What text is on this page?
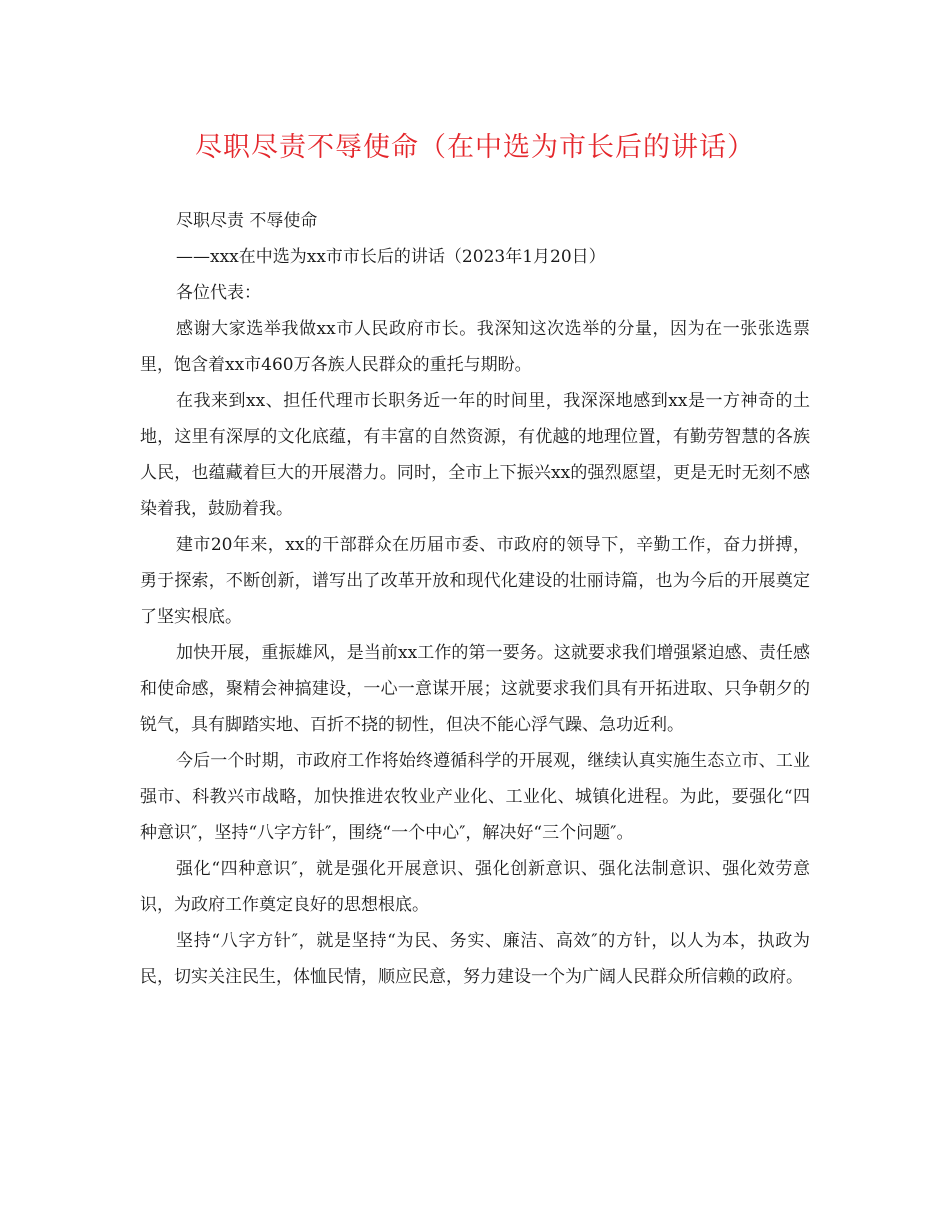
尽职尽责不辱使命（在中选为市长后的讲话）

尽职尽责 不辱使命

——xxx在中选为xx市市长后的讲话（2023年1月20日）

各位代表：

感谢大家选举我做xx市人民政府市长。我深知这次选举的分量，因为在一张张选票里，饱含着xx市460万各族人民群众的重托与期盼。

在我来到xx、担任代理市长职务近一年的时间里，我深深地感到xx是一方神奇的土地，这里有深厚的文化底蕴，有丰富的自然资源，有优越的地理位置，有勤劳智慧的各族人民，也蕴藏着巨大的开展潜力。同时，全市上下振兴xx的强烈愿望，更是无时无刻不感染着我，鼓励着我。

建市20年来，xx的干部群众在历届市委、市政府的领导下，辛勤工作，奋力拼搏，勇于探索，不断创新，谱写出了改革开放和现代化建设的壮丽诗篇，也为今后的开展奠定了坚实根底。

加快开展，重振雄风，是当前xx工作的第一要务。这就要求我们增强紧迫感、责任感和使命感，聚精会神搞建设，一心一意谋开展；这就要求我们具有开拓进取、只争朝夕的锐气，具有脚踏实地、百折不挠的韧性，但决不能心浮气躁、急功近利。

今后一个时期，市政府工作将始终遵循科学的开展观，继续认真实施生态立市、工业强市、科教兴市战略，加快推进农牧业产业化、工业化、城镇化进程。为此，要强化“四种意识″，坚持“八字方针″，围绕“一个中心″，解决好“三个问题″。

强化“四种意识″，就是强化开展意识、强化创新意识、强化法制意识、强化效劳意识，为政府工作奠定良好的思想根底。

坚持“八字方针″，就是坚持“为民、务实、廉洁、高效″的方针，以人为本，执政为民，切实关注民生，体恤民情，顺应民意，努力建设一个为广阔人民群众所信赖的政府。
